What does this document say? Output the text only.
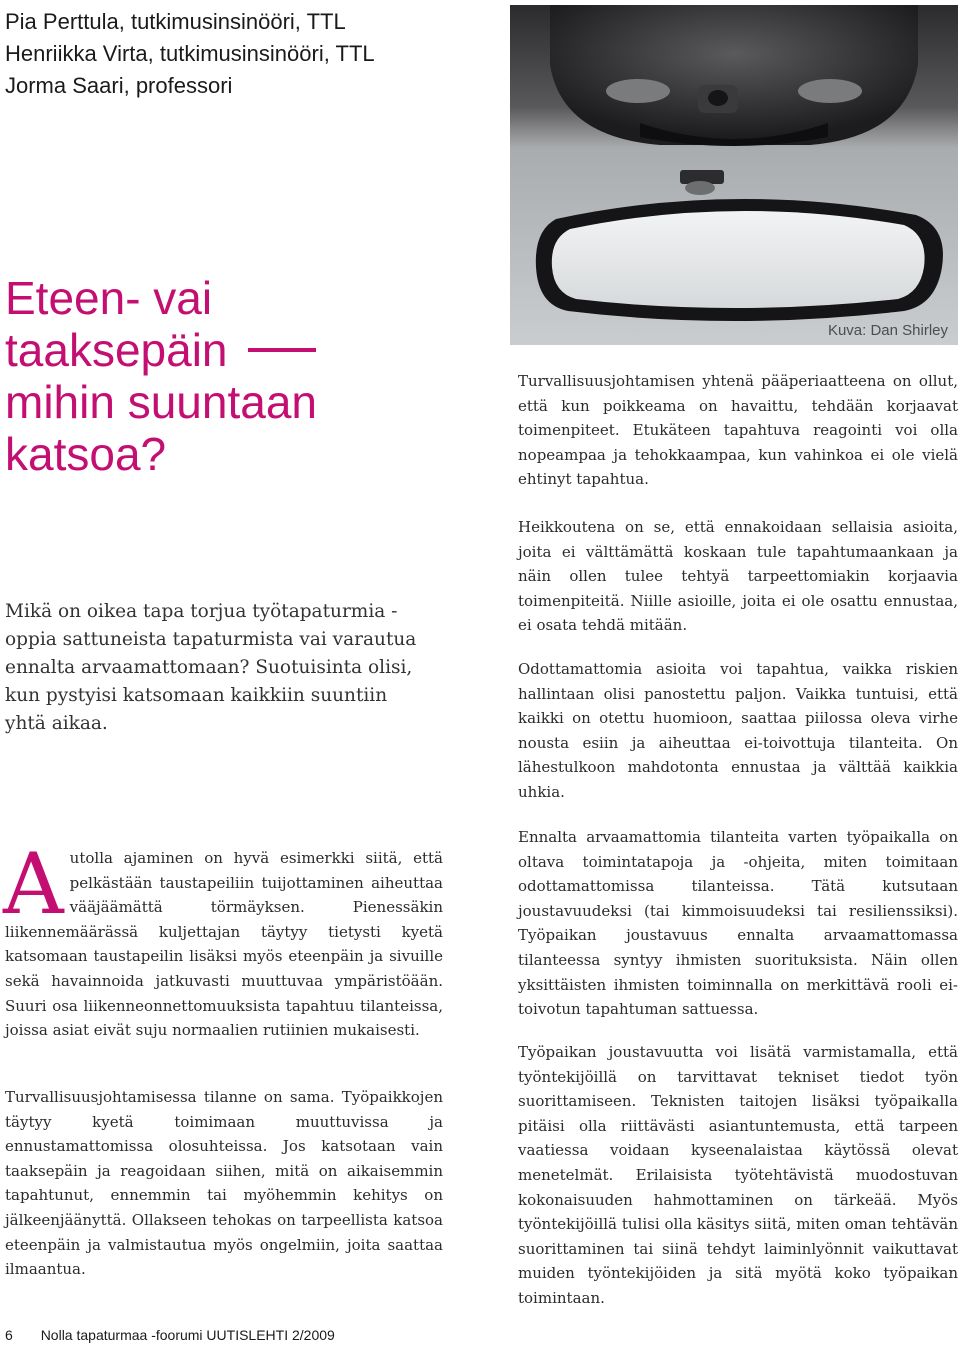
Pia Perttula, tutkimusinsinööri, TTL
Henriikka Virta, tutkimusinsinööri, TTL
Jorma Saari, professori
Kuva: Dan Shirley
Eteen- vai
taaksepäin
mihin suuntaan
katsoa?
Mikä on oikea tapa torjua työtapaturmia - oppia sattuneista tapaturmista vai varautua ennalta arvaamattomaan? Suotuisinta olisi, kun pystyisi katsomaan kaikkiin suuntiin yhtä aikaa.

Autolla ajaminen on hyvä esimerkki siitä, että pelkästään taustapeiliin tuijottaminen aiheuttaa vääjäämättä törmäyksen. Pienessäkin liikennemäärässä kuljettajan täytyy tietysti kyetä katsomaan taustapeilin lisäksi myös eteenpäin ja sivuille sekä havainnoida jatkuvasti muuttuvaa ympäristöään. Suuri osa liikenneonnettomuuksista tapahtuu tilanteissa, joissa asiat eivät suju normaalien rutiinien mukaisesti.

Turvallisuusjohtamisessa tilanne on sama. Työpaikkojen täytyy kyetä toimimaan muuttuvissa ja ennustamattomissa olosuhteissa. Jos katsotaan vain taaksepäin ja reagoidaan siihen, mitä on aikaisemmin tapahtunut, ennemmin tai myöhemmin kehitys on jälkeenjäänyttä. Ollakseen tehokas on tarpeellista katsoa eteenpäin ja valmistautua myös ongelmiin, joita saattaa ilmaantua.

Turvallisuusjohtamisen yhtenä pääperiaatteena on ollut, että kun poikkeama on havaittu, tehdään korjaavat toimenpiteet. Etukäteen tapahtuva reagointi voi olla nopeampaa ja tehokkaampaa, kun vahinkoa ei ole vielä ehtinyt tapahtua.

Heikkoutena on se, että ennakoidaan sellaisia asioita, joita ei välttämättä koskaan tule tapahtumaankaan ja näin ollen tulee tehtyä tarpeettomiakin korjaavia toimenpiteitä. Niille asioille, joita ei ole osattu ennustaa, ei osata tehdä mitään.

Odottamattomia asioita voi tapahtua, vaikka riskien hallintaan olisi panostettu paljon. Vaikka tuntuisi, että kaikki on otettu huomioon, saattaa piilossa oleva virhe nousta esiin ja aiheuttaa ei-toivottuja tilanteita. On lähestulkoon mahdotonta ennustaa ja välttää kaikkia uhkia.

Ennalta arvaamattomia tilanteita varten työpaikalla on oltava toimintatapoja ja -ohjeita, miten toimitaan odottamattomissa tilanteissa. Tätä kutsutaan joustavuudeksi (tai kimmoisuudeksi tai resilienssiksi). Työpaikan joustavuus ennalta arvaamattomassa tilanteessa syntyy ihmisten suorituksista. Näin ollen yksittäisten ihmisten toiminnalla on merkittävä rooli ei-toivotun tapahtuman sattuessa.

Työpaikan joustavuutta voi lisätä varmistamalla, että työntekijöillä on tarvittavat tekniset tiedot työn suorittamiseen. Teknisten taitojen lisäksi työpaikalla pitäisi olla riittävästi asiantuntemusta, että tarpeen vaatiessa voidaan kyseenalaistaa käytössä olevat menetelmät. Erilaisista työtehtävistä muodostuvan kokonaisuuden hahmottaminen on tärkeää. Myös työntekijöillä tulisi olla käsitys siitä, miten oman tehtävän suorittaminen tai siinä tehdyt laiminlyönnit vaikuttavat muiden työntekijöiden ja sitä myötä koko työpaikan toimintaan.

6 Nolla tapaturmaa -foorumi UUTISLEHTI 2/2009
